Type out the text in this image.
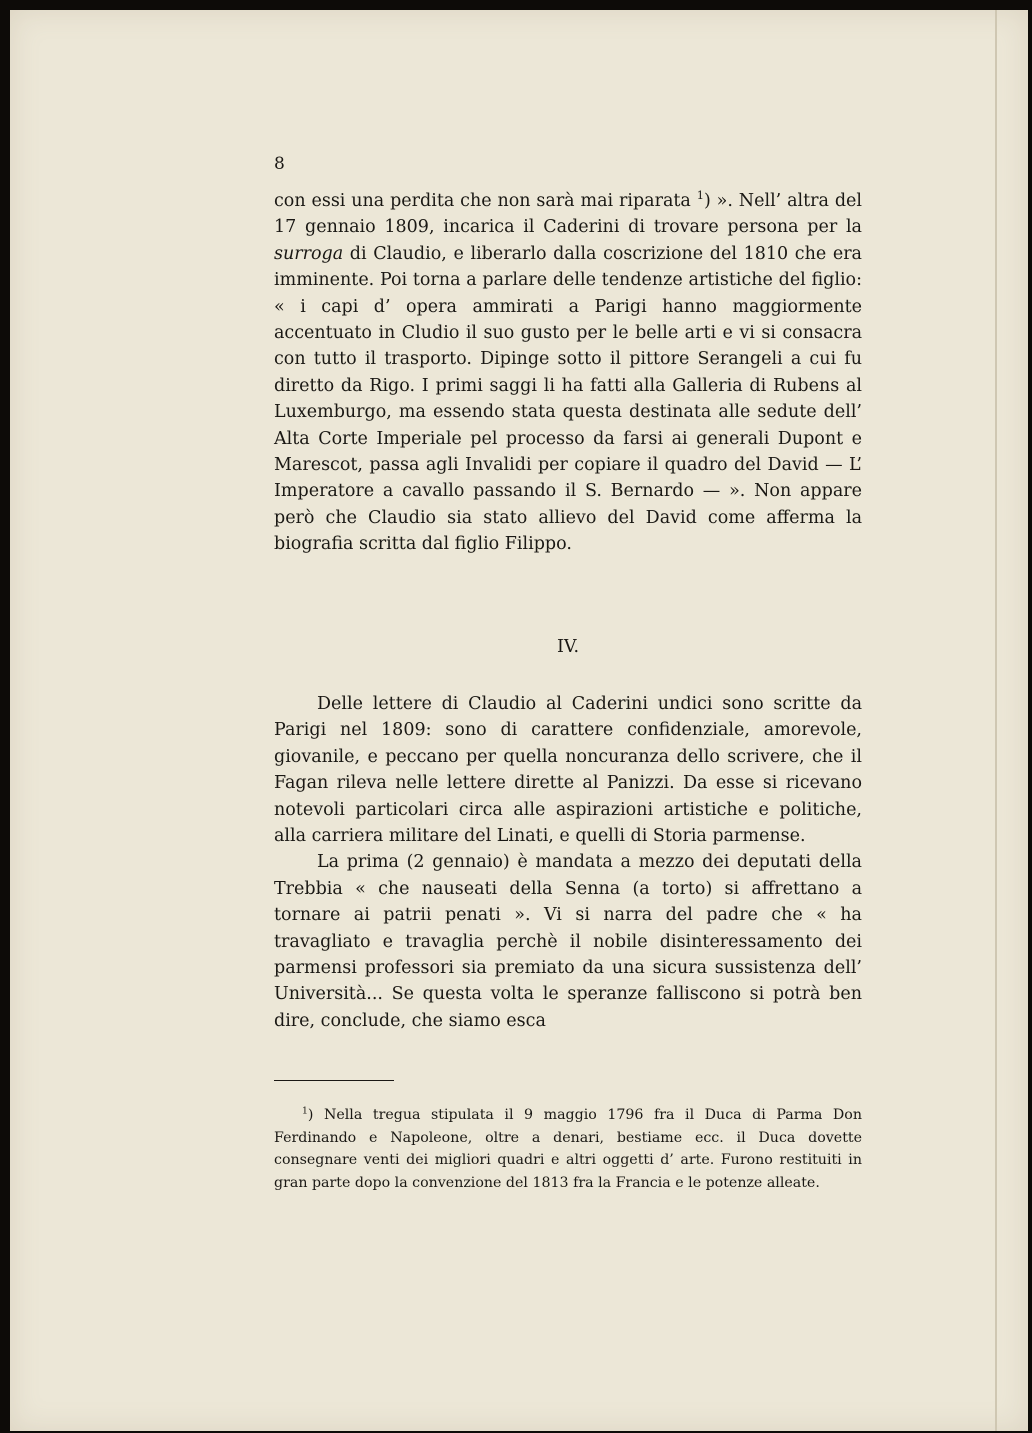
8

con essi una perdita che non sarà mai riparata $^1$) ». Nell’ altra del 17 gennaio 1809, incarica il Caderini di trovare persona per la surroga di Claudio, e liberarlo dalla coscrizione del 1810 che era imminente. Poi torna a parlare delle tendenze artistiche del figlio: « i capi d’ opera ammirati a Parigi hanno maggiormente accentuato in Cludio il suo gusto per le belle arti e vi si consacra con tutto il trasporto. Dipinge sotto il pittore Serangeli a cui fu diretto da Rigo. I primi saggi li ha fatti alla Galleria di Rubens al Luxemburgo, ma essendo stata questa destinata alle sedute dell’ Alta Corte Imperiale pel processo da farsi ai generali Dupont e Marescot, passa agli Invalidi per copiare il quadro del David — L’ Imperatore a cavallo passando il S. Bernardo — ». Non appare però che Claudio sia stato allievo del David come afferma la biografia scritta dal figlio Filippo.

IV.

Delle lettere di Claudio al Caderini undici sono scritte da Parigi nel 1809: sono di carattere confidenziale, amorevole, giovanile, e peccano per quella noncuranza dello scrivere, che il Fagan rileva nelle lettere dirette al Panizzi. Da esse si ricevano notevoli particolari circa alle aspirazioni artistiche e politiche, alla carriera militare del Linati, e quelli di Storia parmense.

La prima (2 gennaio) è mandata a mezzo dei deputati della Trebbia « che nauseati della Senna (a torto) si affrettano a tornare ai patrii penati ». Vi si narra del padre che « ha travagliato e travaglia perchè il nobile disinteressamento dei parmensi professori sia premiato da una sicura sussistenza dell’ Università... Se questa volta le speranze falliscono si potrà ben dire, conclude, che siamo esca

$^1$) Nella tregua stipulata il 9 maggio 1796 fra il Duca di Parma Don Ferdinando e Napoleone, oltre a denari, bestiame ecc. il Duca dovette consegnare venti dei migliori quadri e altri oggetti d’ arte. Furono restituiti in gran parte dopo la convenzione del 1813 fra la Francia e le potenze alleate.
